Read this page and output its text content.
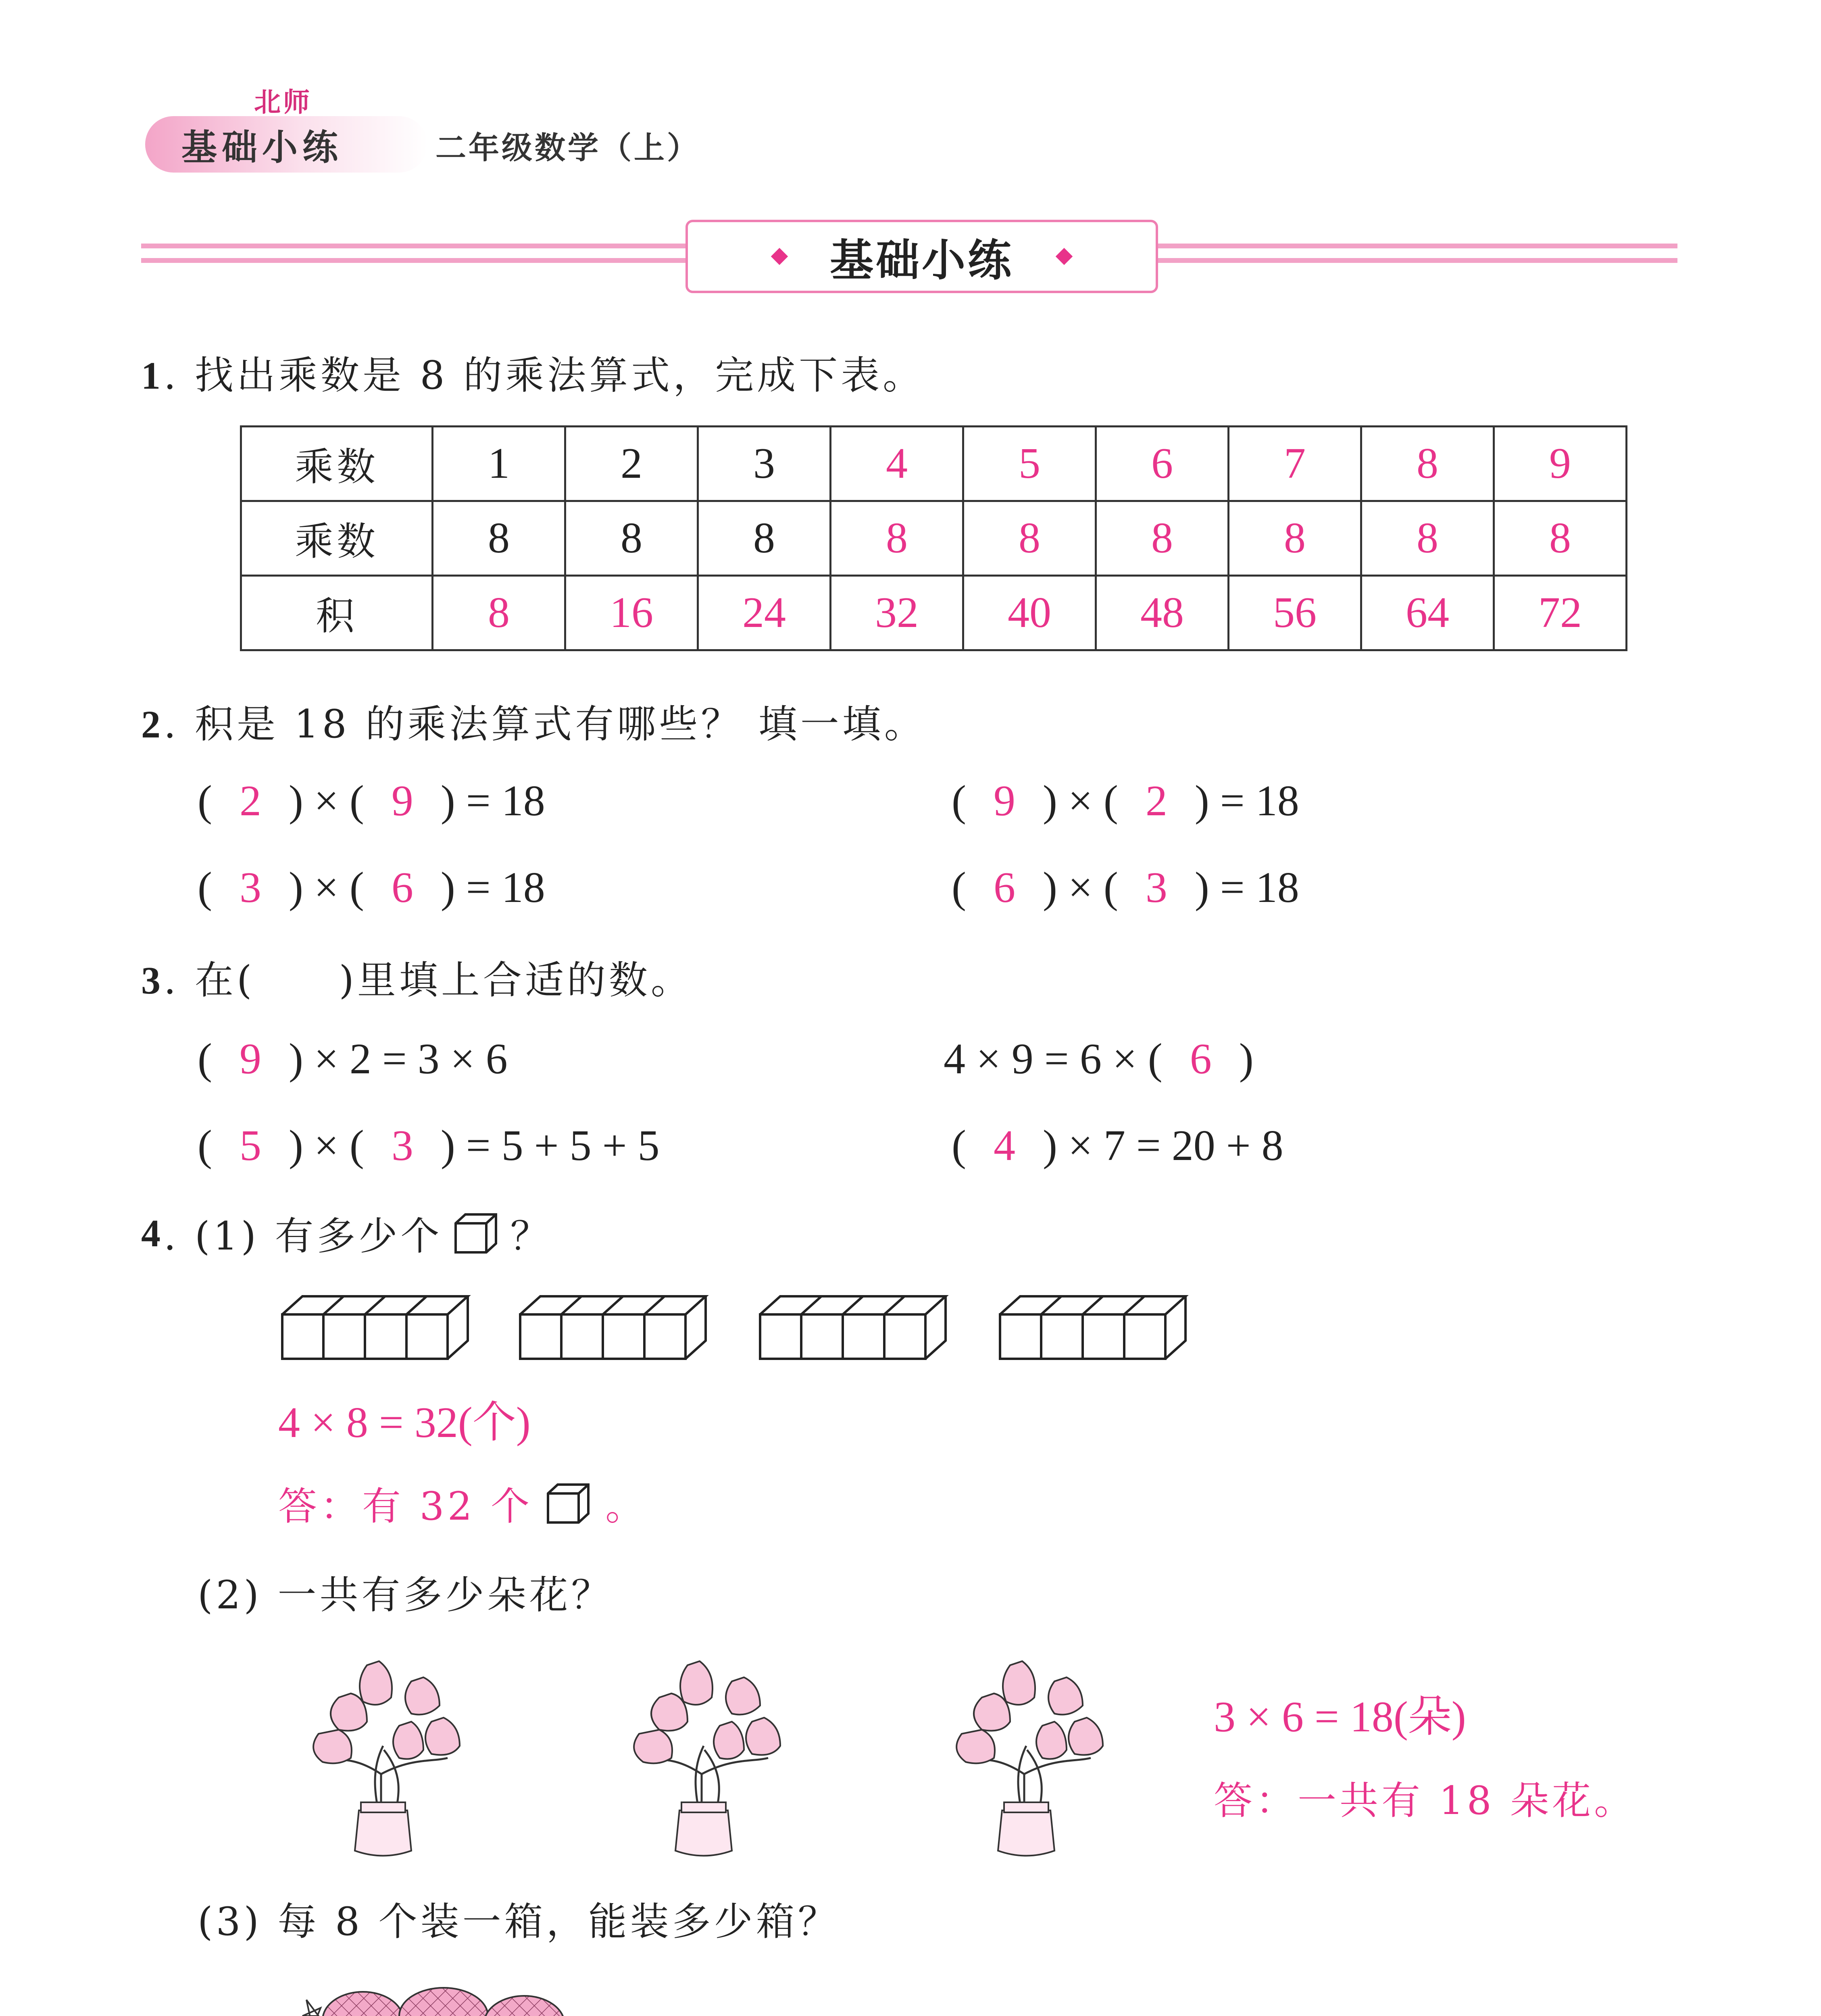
北师
基础小练	二年级数学（上）
基础小练
1. 找出乘数是 8 的乘法算式，完成下表。
乘数	1	2	3	4	5	6	7	8	9
乘数	8	8	8	8	8	8	8	8	8
积	8	16	24	32	40	48	56	64	72
2. 积是 18 的乘法算式有哪些？ 填一填。
( 2 ) × ( 9 ) = 18	( 9 ) × ( 2 ) = 18
( 3 ) × ( 6 ) = 18	( 6 ) × ( 3 ) = 18
3. 在(　　)里填上合适的数。
( 9 ) × 2 = 3 × 6	4 × 9 = 6 × ( 6 )
( 5 ) × ( 3 ) = 5 + 5 + 5	( 4 ) × 7 = 20 + 8
4 . (1) 有多少个 ？
4 × 8 = 32(个)
答：有 32 个 。
(2) 一共有多少朵花？
3 × 6 = 18(朵)
答：一共有 18 朵花。
(3) 每 8 个装一箱，能装多少箱？
